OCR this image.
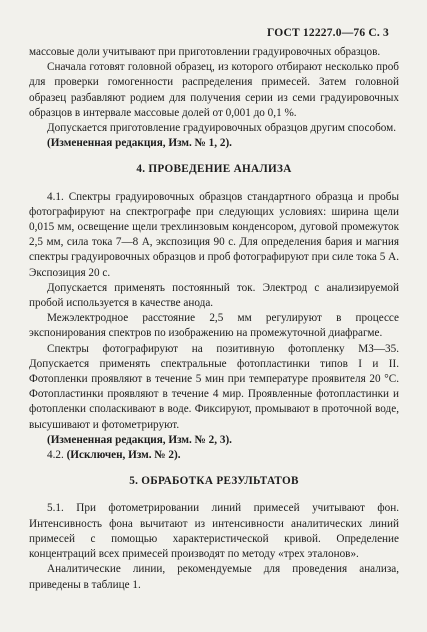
ГОСТ 12227.0—76 С. 3

массовые доли учитывают при приготовлении градуировочных образцов.

Сначала готовят головной образец, из которого отбирают несколько проб для проверки гомогенности распределения примесей. Затем головной образец разбавляют родием для получения серии из семи градуировочных образцов в интервале массовые долей от 0,001 до 0,1 %.

Допускается приготовление градуировочных образцов другим способом.

(Измененная редакция, Изм. № 1, 2).

4. ПРОВЕДЕНИЕ АНАЛИЗА

4.1. Спектры градуировочных образцов стандартного образца и пробы фотографируют на спектрографе при следующих условиях: ширина щели 0,015 мм, освещение щели трехлинзовым конденсором, дуговой промежуток 2,5 мм, сила тока 7—8 А, экспозиция 90 с. Для определения бария и магния спектры градуировочных образцов и проб фотографируют при силе тока 5 А. Экспозиция 20 с.

Допускается применять постоянный ток. Электрод с анализируемой пробой используется в качестве анода.

Межэлектродное расстояние 2,5 мм регулируют в процессе экспонирования спектров по изображению на промежуточной диафрагме.

Спектры фотографируют на позитивную фотопленку МЗ—35. Допускается применять спектральные фотопластинки типов I и II. Фотопленки проявляют в течение 5 мин при температуре проявителя 20 °С. Фотопластинки проявляют в течение 4 мир. Проявленные фотопластинки и фотопленки споласкивают в воде. Фиксируют, промывают в проточной воде, высушивают и фотометрируют.

(Измененная редакция, Изм. № 2, 3).

4.2. (Исключен, Изм. № 2).

5. ОБРАБОТКА РЕЗУЛЬТАТОВ

5.1. При фотометрировании линий примесей учитывают фон. Интенсивность фона вычитают из интенсивности аналитических линий примесей с помощью характеристической кривой. Определение концентраций всех примесей производят по методу «трех эталонов».

Аналитические линии, рекомендуемые для проведения анализа, приведены в таблице 1.
